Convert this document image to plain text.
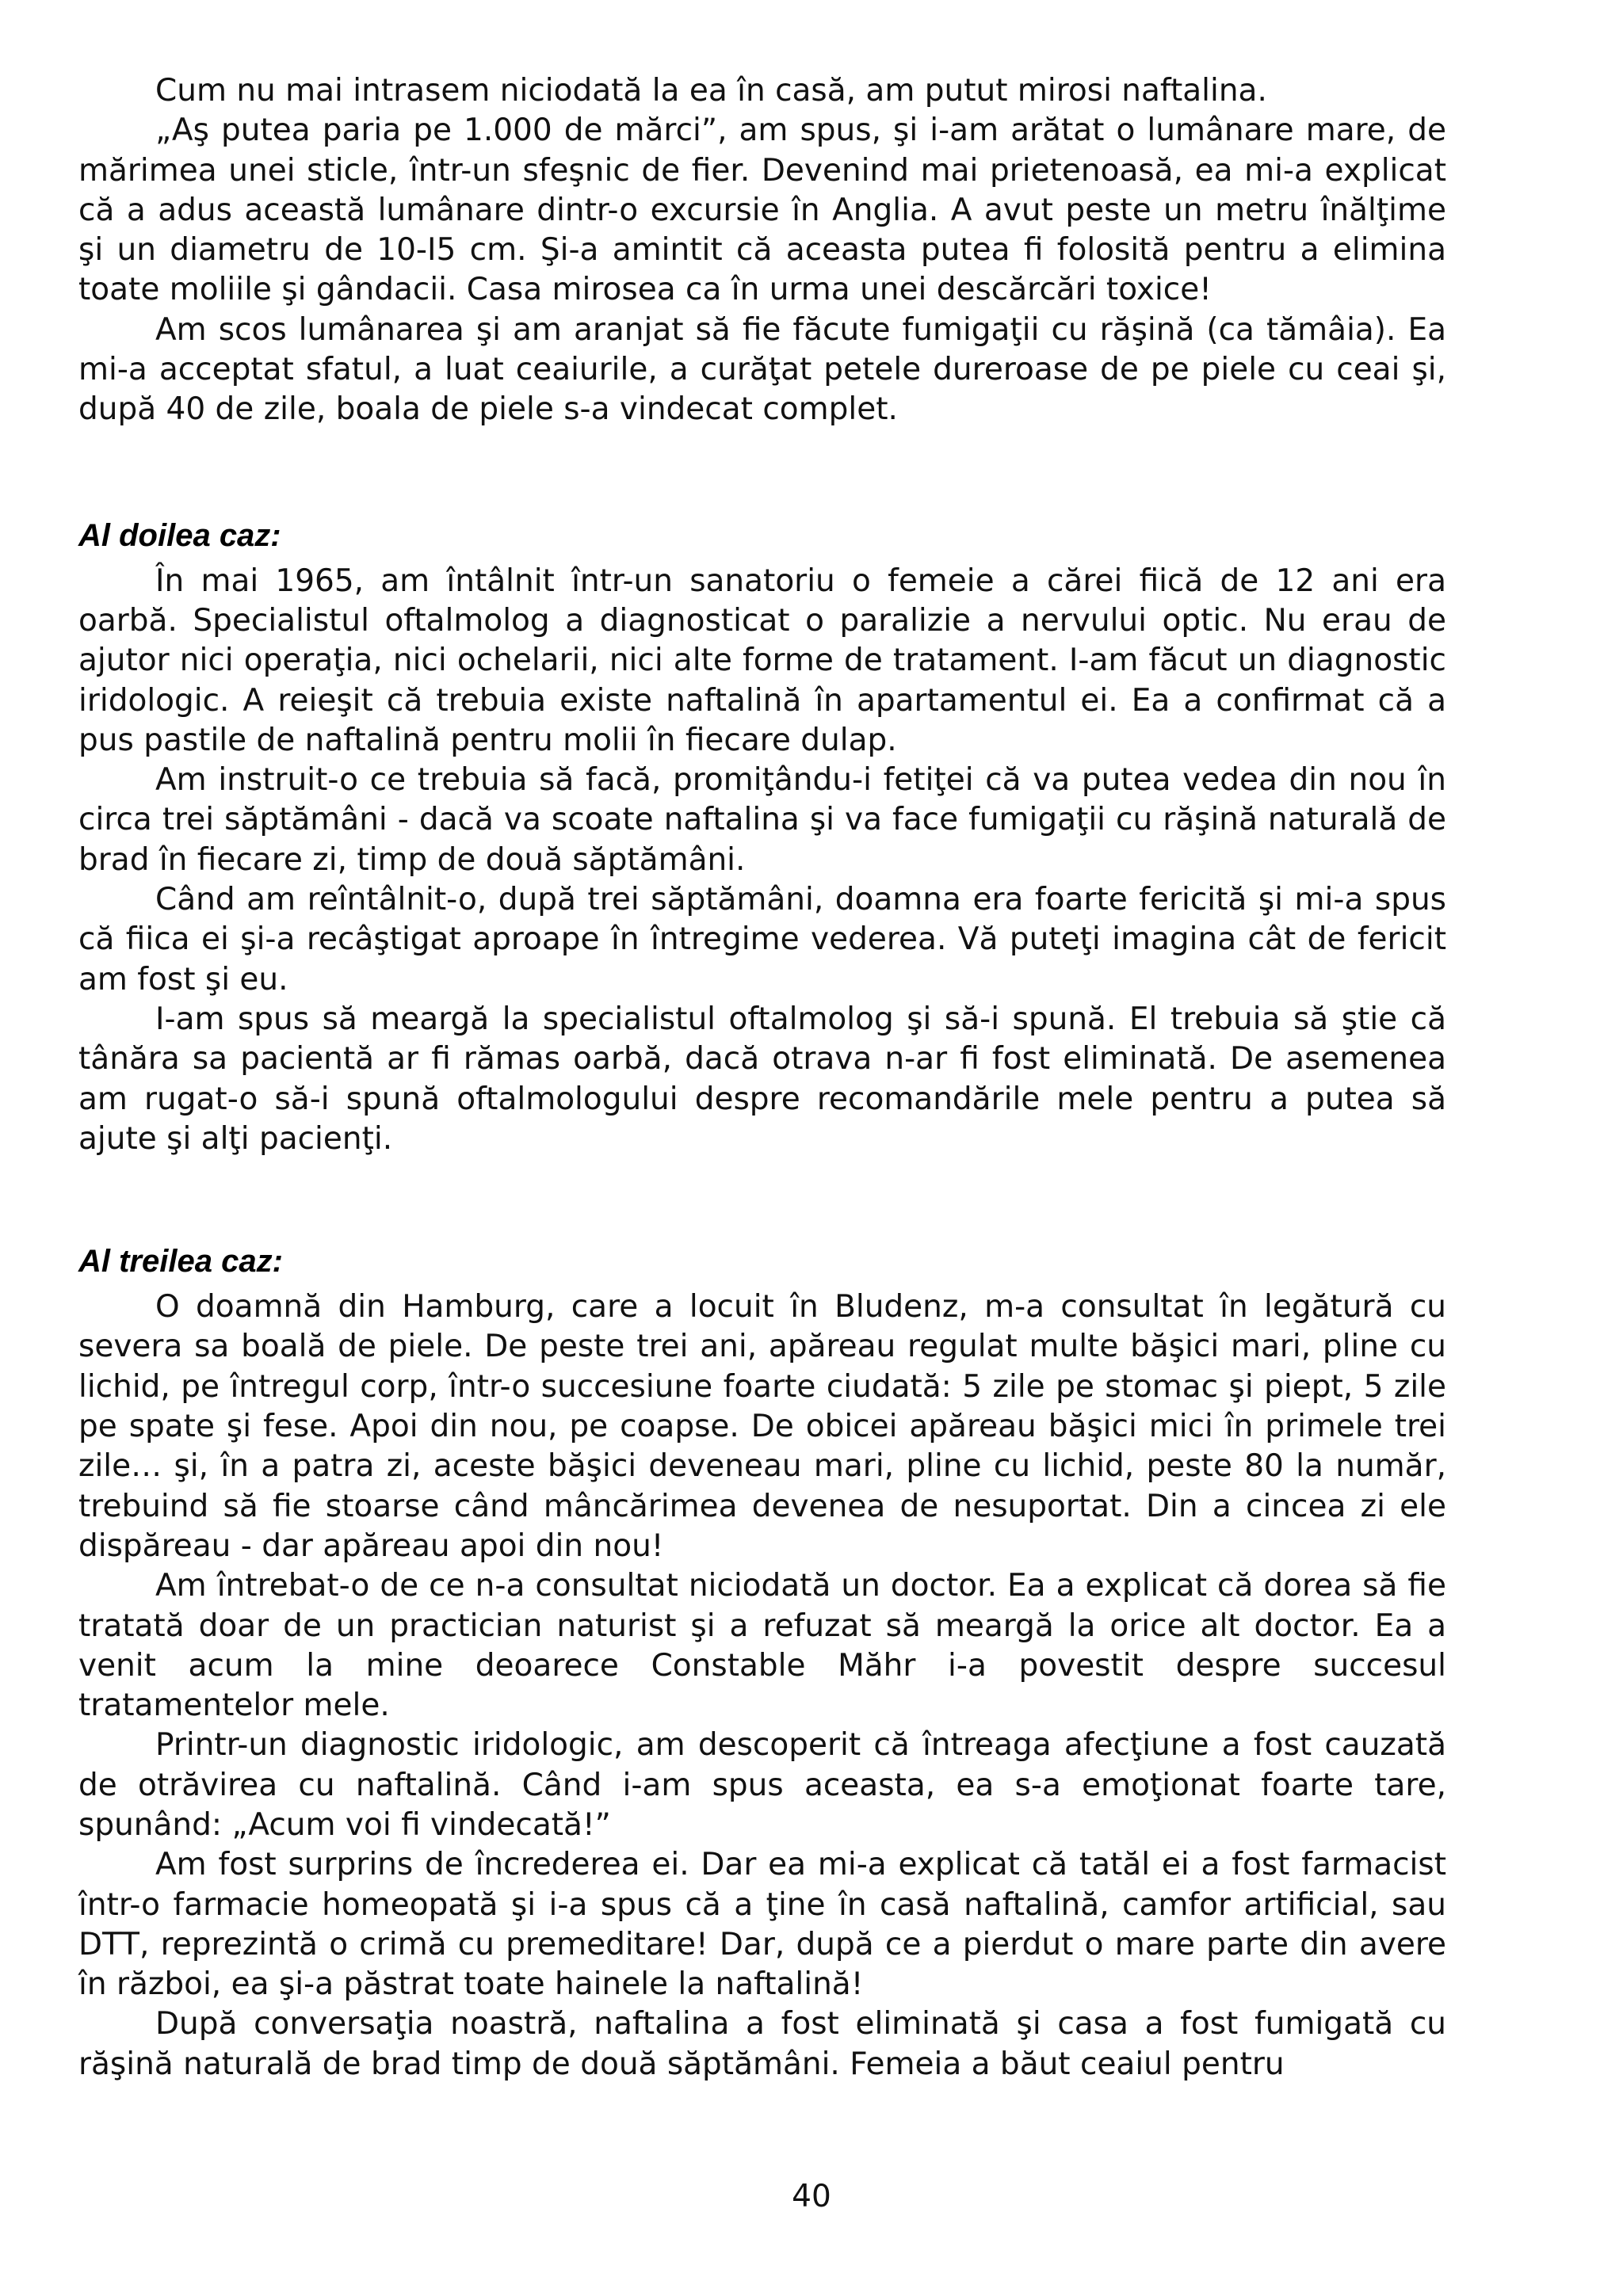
Cum nu mai intrasem niciodată la ea în casă, am putut mirosi naftalina.

„Aş putea paria pe 1.000 de mărci”, am spus, şi i-am arătat o lumânare mare, de mărimea unei sticle, într-un sfeşnic de fier. Devenind mai prietenoasă, ea mi-a explicat că a adus această lumânare dintr-o excursie în Anglia. A avut peste un metru înălţime şi un diametru de 10-I5 cm. Şi-a amintit că aceasta putea fi folosită pentru a elimina toate moliile şi gândacii. Casa mirosea ca în urma unei descărcări toxice!

Am scos lumânarea şi am aranjat să fie făcute fumigaţii cu răşină (ca tămâia). Ea mi-a acceptat sfatul, a luat ceaiurile, a curăţat petele dureroase de pe piele cu ceai şi, după 40 de zile, boala de piele s-a vindecat complet.

Al doilea caz:

În mai 1965, am întâlnit într-un sanatoriu o femeie a cărei fiică de 12 ani era oarbă. Specialistul oftalmolog a diagnosticat o paralizie a nervului optic. Nu erau de ajutor nici operaţia, nici ochelarii, nici alte forme de tratament. I-am făcut un diagnostic iridologic. A reieşit că trebuia existe naftalină în apartamentul ei. Ea a confirmat că a pus pastile de naftalină pentru molii în fiecare dulap.

Am instruit-o ce trebuia să facă, promiţându-i fetiţei că va putea vedea din nou în circa trei săptămâni - dacă va scoate naftalina şi va face fumigaţii cu răşină naturală de brad în fiecare zi, timp de două săptămâni.

Când am reîntâlnit-o, după trei săptămâni, doamna era foarte fericită şi mi-a spus că fiica ei şi-a recâştigat aproape în întregime vederea. Vă puteţi imagina cât de fericit am fost şi eu.

I-am spus să meargă la specialistul oftalmolog şi să-i spună. El trebuia să ştie că tânăra sa pacientă ar fi rămas oarbă, dacă otrava n-ar fi fost eliminată. De asemenea am rugat-o să-i spună oftalmologului despre recomandările mele pentru a putea să ajute şi alţi pacienţi.

Al treilea caz:

O doamnă din Hamburg, care a locuit în Bludenz, m-a consultat în legătură cu severa sa boală de piele. De peste trei ani, apăreau regulat multe băşici mari, pline cu lichid, pe întregul corp, într-o succesiune foarte ciudată: 5 zile pe stomac şi piept, 5 zile pe spate şi fese. Apoi din nou, pe coapse. De obicei apăreau băşici mici în primele trei zile… şi, în a patra zi, aceste băşici deveneau mari, pline cu lichid, peste 80 la număr, trebuind să fie stoarse când mâncărimea devenea de nesuportat. Din a cincea zi ele dispăreau - dar apăreau apoi din nou!

Am întrebat-o de ce n-a consultat niciodată un doctor. Ea a explicat că dorea să fie tratată doar de un practician naturist şi a refuzat să meargă la orice alt doctor. Ea a venit acum la mine deoarece Constable Măhr i-a povestit despre succesul tratamentelor mele.

Printr-un diagnostic iridologic, am descoperit că întreaga afecţiune a fost cauzată de otrăvirea cu naftalină. Când i-am spus aceasta, ea s-a emoţionat foarte tare, spunând: „Acum voi fi vindecată!”

Am fost surprins de încrederea ei. Dar ea mi-a explicat că tatăl ei a fost farmacist într-o farmacie homeopată şi i-a spus că a ţine în casă naftalină, camfor artificial, sau DTT, reprezintă o crimă cu premeditare! Dar, după ce a pierdut o mare parte din avere în război, ea şi-a păstrat toate hainele la naftalină!

După conversaţia noastră, naftalina a fost eliminată şi casa a fost fumigată cu răşină naturală de brad timp de două săptămâni. Femeia a băut ceaiul pentru

40
